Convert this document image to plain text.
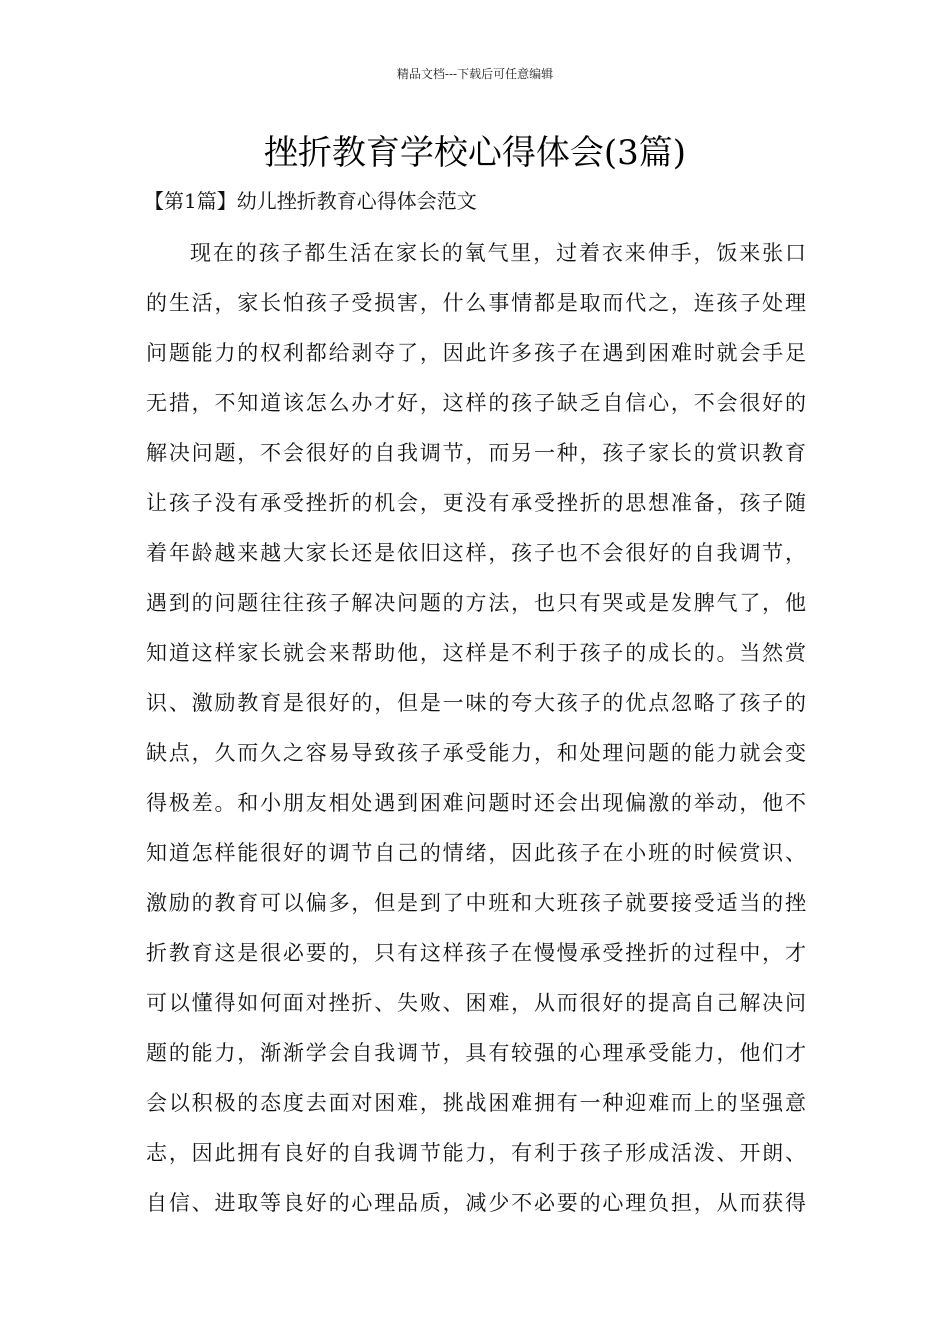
精品文档---下载后可任意编辑
挫折教育学校心得体会(3篇)
【第1篇】幼儿挫折教育心得体会范文
现在的孩子都生活在家长的氧气里，过着衣来伸手，饭来张口
的生活，家长怕孩子受损害，什么事情都是取而代之，连孩子处理
问题能力的权利都给剥夺了，因此许多孩子在遇到困难时就会手足
无措，不知道该怎么办才好，这样的孩子缺乏自信心，不会很好的
解决问题，不会很好的自我调节，而另一种，孩子家长的赏识教育
让孩子没有承受挫折的机会，更没有承受挫折的思想准备，孩子随
着年龄越来越大家长还是依旧这样，孩子也不会很好的自我调节，
遇到的问题往往孩子解决问题的方法，也只有哭或是发脾气了，他
知道这样家长就会来帮助他，这样是不利于孩子的成长的。当然赏
识、激励教育是很好的，但是一味的夸大孩子的优点忽略了孩子的
缺点，久而久之容易导致孩子承受能力，和处理问题的能力就会变
得极差。和小朋友相处遇到困难问题时还会出现偏激的举动，他不
知道怎样能很好的调节自己的情绪，因此孩子在小班的时候赏识、
激励的教育可以偏多，但是到了中班和大班孩子就要接受适当的挫
折教育这是很必要的，只有这样孩子在慢慢承受挫折的过程中，才
可以懂得如何面对挫折、失败、困难，从而很好的提高自己解决问
题的能力，渐渐学会自我调节，具有较强的心理承受能力，他们才
会以积极的态度去面对困难，挑战困难拥有一种迎难而上的坚强意
志，因此拥有良好的自我调节能力，有利于孩子形成活泼、开朗、
自信、进取等良好的心理品质，减少不必要的心理负担，从而获得
